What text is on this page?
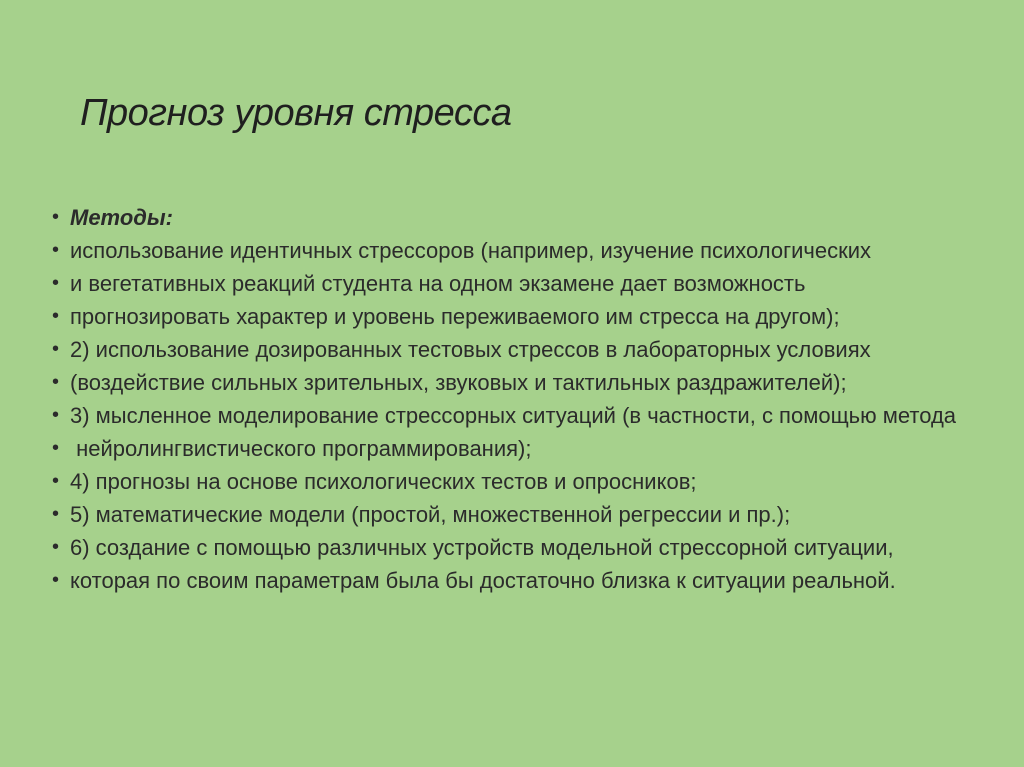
Прогноз уровня стресса
• Методы:
• использование идентичных стрессоров (например, изучение психологических
• и вегетативных реакций студента на одном экзамене дает возможность
• прогнозировать характер и уровень переживаемого им стресса на другом);
• 2) использование дозированных тестовых стрессов в лабораторных условиях
• (воздействие сильных зрительных, звуковых и тактильных раздражителей);
• 3) мысленное моделирование стрессорных ситуаций (в частности, с помощью метода
• нейролингвистического программирования);
• 4) прогнозы на основе психологических тестов и опросников;
• 5) математические модели (простой, множественной регрессии и пр.);
• 6) создание с помощью различных устройств модельной стрессорной ситуации,
• которая по своим параметрам была бы достаточно близка к ситуации реальной.
